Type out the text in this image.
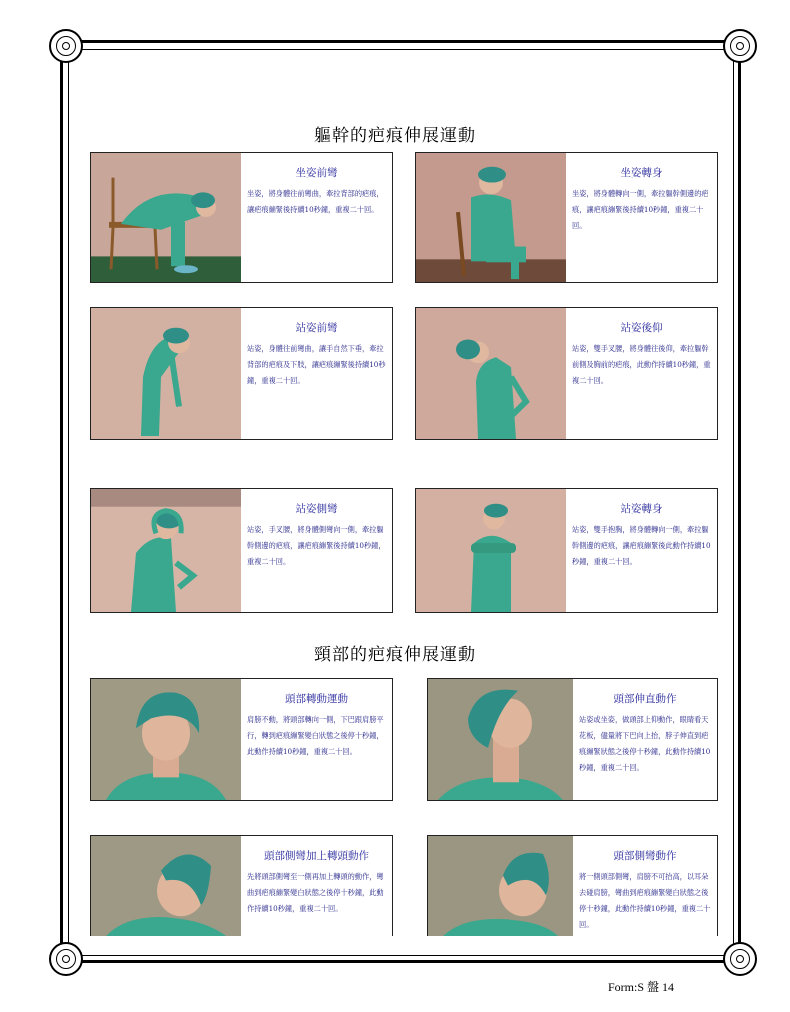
軀幹的疤痕伸展運動
坐姿前彎
坐姿，將身體往前彎曲，牽拉背部的疤痕，讓疤痕繃緊後持續10秒鐘，重複二十回。
坐姿轉身
坐姿，將身體轉向一側，牽拉軀幹側邊的疤痕，讓疤痕繃緊後持續10秒鐘，重複二十回。
站姿前彎
站姿，身體往前彎曲，讓手自然下垂，牽拉背部的疤痕及下肢，讓疤痕繃緊後持續10秒鐘，重複二十回。
站姿後仰
站姿，雙手叉腰，將身體往後仰，牽拉軀幹前側及胸前的疤痕，此動作持續10秒鐘，重複二十回。
站姿側彎
站姿，手叉腰，將身體側彎向一側，牽拉軀幹側邊的疤痕，讓疤痕繃緊後持續10秒鐘，重複二十回。
站姿轉身
站姿，雙手抱胸，將身體轉向一側，牽拉軀幹側邊的疤痕，讓疤痕繃緊後此動作持續10秒鐘，重複二十回。
頸部的疤痕伸展運動
頭部轉動運動
肩膀不動，將頭部轉向一側，下巴跟肩膀平行，轉到疤痕繃緊變白狀態之後停十秒鐘，此動作持續10秒鐘，重複二十回。
頭部伸直動作
站姿或坐姿，做頭部上仰動作，眼睛看天花板，儘量將下巴向上抬，脖子伸直到疤痕繃緊狀態之後停十秒鐘，此動作持續10秒鐘，重複二十回。
頭部側彎加上轉頭動作
先將頭部側彎至一側再加上轉頭的動作，彎曲到疤痕繃緊變白狀態之後停十秒鐘，此動作持續10秒鐘，重複二十回。
頭部側彎動作
將一側頭部側彎，肩膀不可抬高，以耳朵去碰肩膀，彎曲到疤痕繃緊變白狀態之後停十秒鐘，此動作持續10秒鐘，重複二十回。
Form:S 盤 14
